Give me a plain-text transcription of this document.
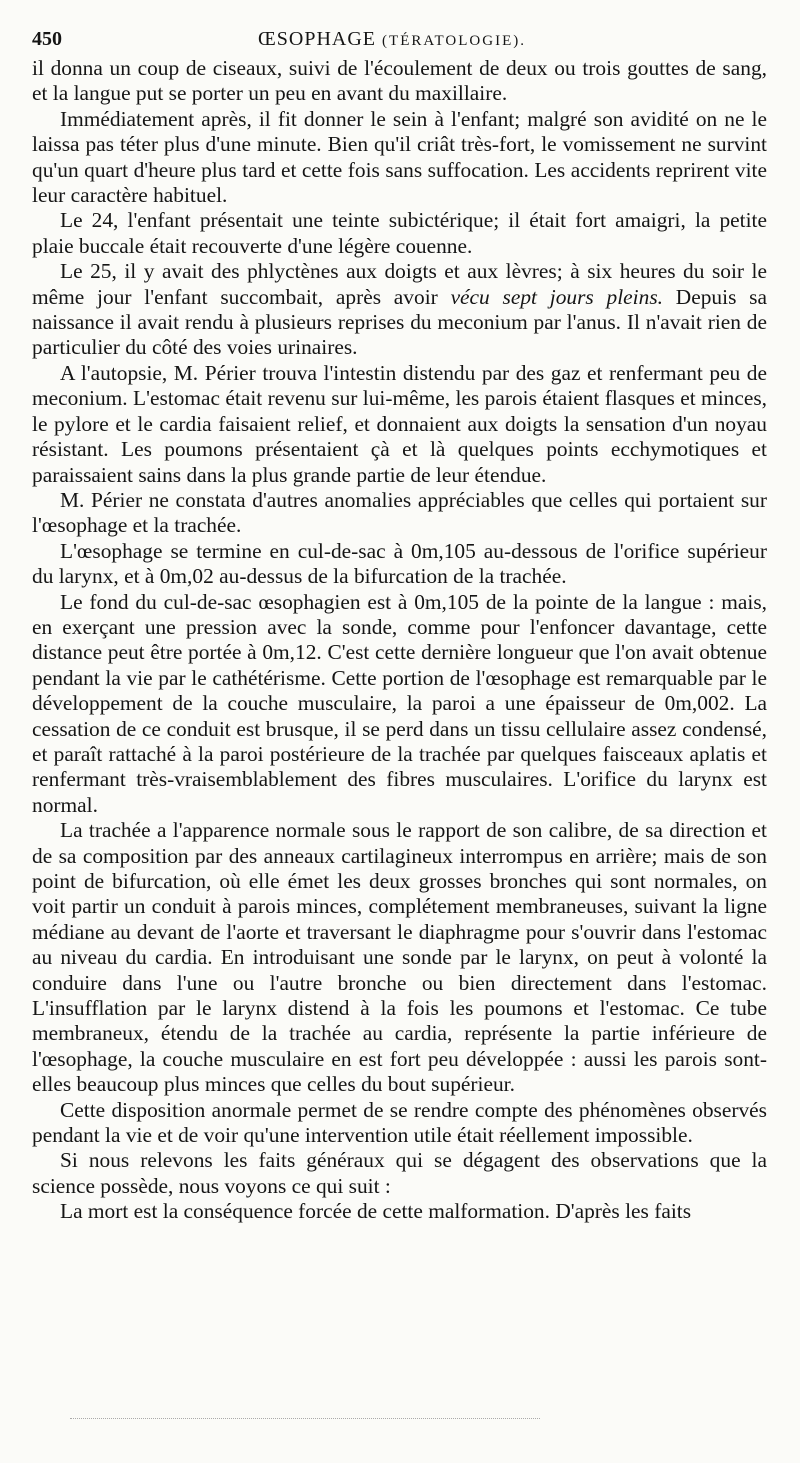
450	ŒSOPHAGE (TÉRATOLOGIE).

il donna un coup de ciseaux, suivi de l'écoulement de deux ou trois gouttes de sang, et la langue put se porter un peu en avant du maxillaire.

Immédiatement après, il fit donner le sein à l'enfant; malgré son avidité on ne le laissa pas téter plus d'une minute. Bien qu'il criât très-fort, le vomissement ne survint qu'un quart d'heure plus tard et cette fois sans suffocation. Les accidents reprirent vite leur caractère habituel.

Le 24, l'enfant présentait une teinte subictérique; il était fort amaigri, la petite plaie buccale était recouverte d'une légère couenne.

Le 25, il y avait des phlyctènes aux doigts et aux lèvres; à six heures du soir le même jour l'enfant succombait, après avoir vécu sept jours pleins. Depuis sa naissance il avait rendu à plusieurs reprises du meconium par l'anus. Il n'avait rien de particulier du côté des voies urinaires.

A l'autopsie, M. Périer trouva l'intestin distendu par des gaz et renfermant peu de meconium. L'estomac était revenu sur lui-même, les parois étaient flasques et minces, le pylore et le cardia faisaient relief, et donnaient aux doigts la sensation d'un noyau résistant. Les poumons présentaient çà et là quelques points ecchymotiques et paraissaient sains dans la plus grande partie de leur étendue.

M. Périer ne constata d'autres anomalies appréciables que celles qui portaient sur l'œsophage et la trachée.

L'œsophage se termine en cul-de-sac à 0m,105 au-dessous de l'orifice supérieur du larynx, et à 0m,02 au-dessus de la bifurcation de la trachée.

Le fond du cul-de-sac œsophagien est à 0m,105 de la pointe de la langue : mais, en exerçant une pression avec la sonde, comme pour l'enfoncer davantage, cette distance peut être portée à 0m,12. C'est cette dernière longueur que l'on avait obtenue pendant la vie par le cathétérisme. Cette portion de l'œsophage est remarquable par le développement de la couche musculaire, la paroi a une épaisseur de 0m,002. La cessation de ce conduit est brusque, il se perd dans un tissu cellulaire assez condensé, et paraît rattaché à la paroi postérieure de la trachée par quelques faisceaux aplatis et renfermant très-vraisemblablement des fibres musculaires. L'orifice du larynx est normal.

La trachée a l'apparence normale sous le rapport de son calibre, de sa direction et de sa composition par des anneaux cartilagineux interrompus en arrière; mais de son point de bifurcation, où elle émet les deux grosses bronches qui sont normales, on voit partir un conduit à parois minces, complétement membraneuses, suivant la ligne médiane au devant de l'aorte et traversant le diaphragme pour s'ouvrir dans l'estomac au niveau du cardia. En introduisant une sonde par le larynx, on peut à volonté la conduire dans l'une ou l'autre bronche ou bien directement dans l'estomac. L'insufflation par le larynx distend à la fois les poumons et l'estomac. Ce tube membraneux, étendu de la trachée au cardia, représente la partie inférieure de l'œsophage, la couche musculaire en est fort peu développée : aussi les parois sont-elles beaucoup plus minces que celles du bout supérieur.

Cette disposition anormale permet de se rendre compte des phénomènes observés pendant la vie et de voir qu'une intervention utile était réellement impossible.

Si nous relevons les faits généraux qui se dégagent des observations que la science possède, nous voyons ce qui suit :

La mort est la conséquence forcée de cette malformation. D'après les faits
